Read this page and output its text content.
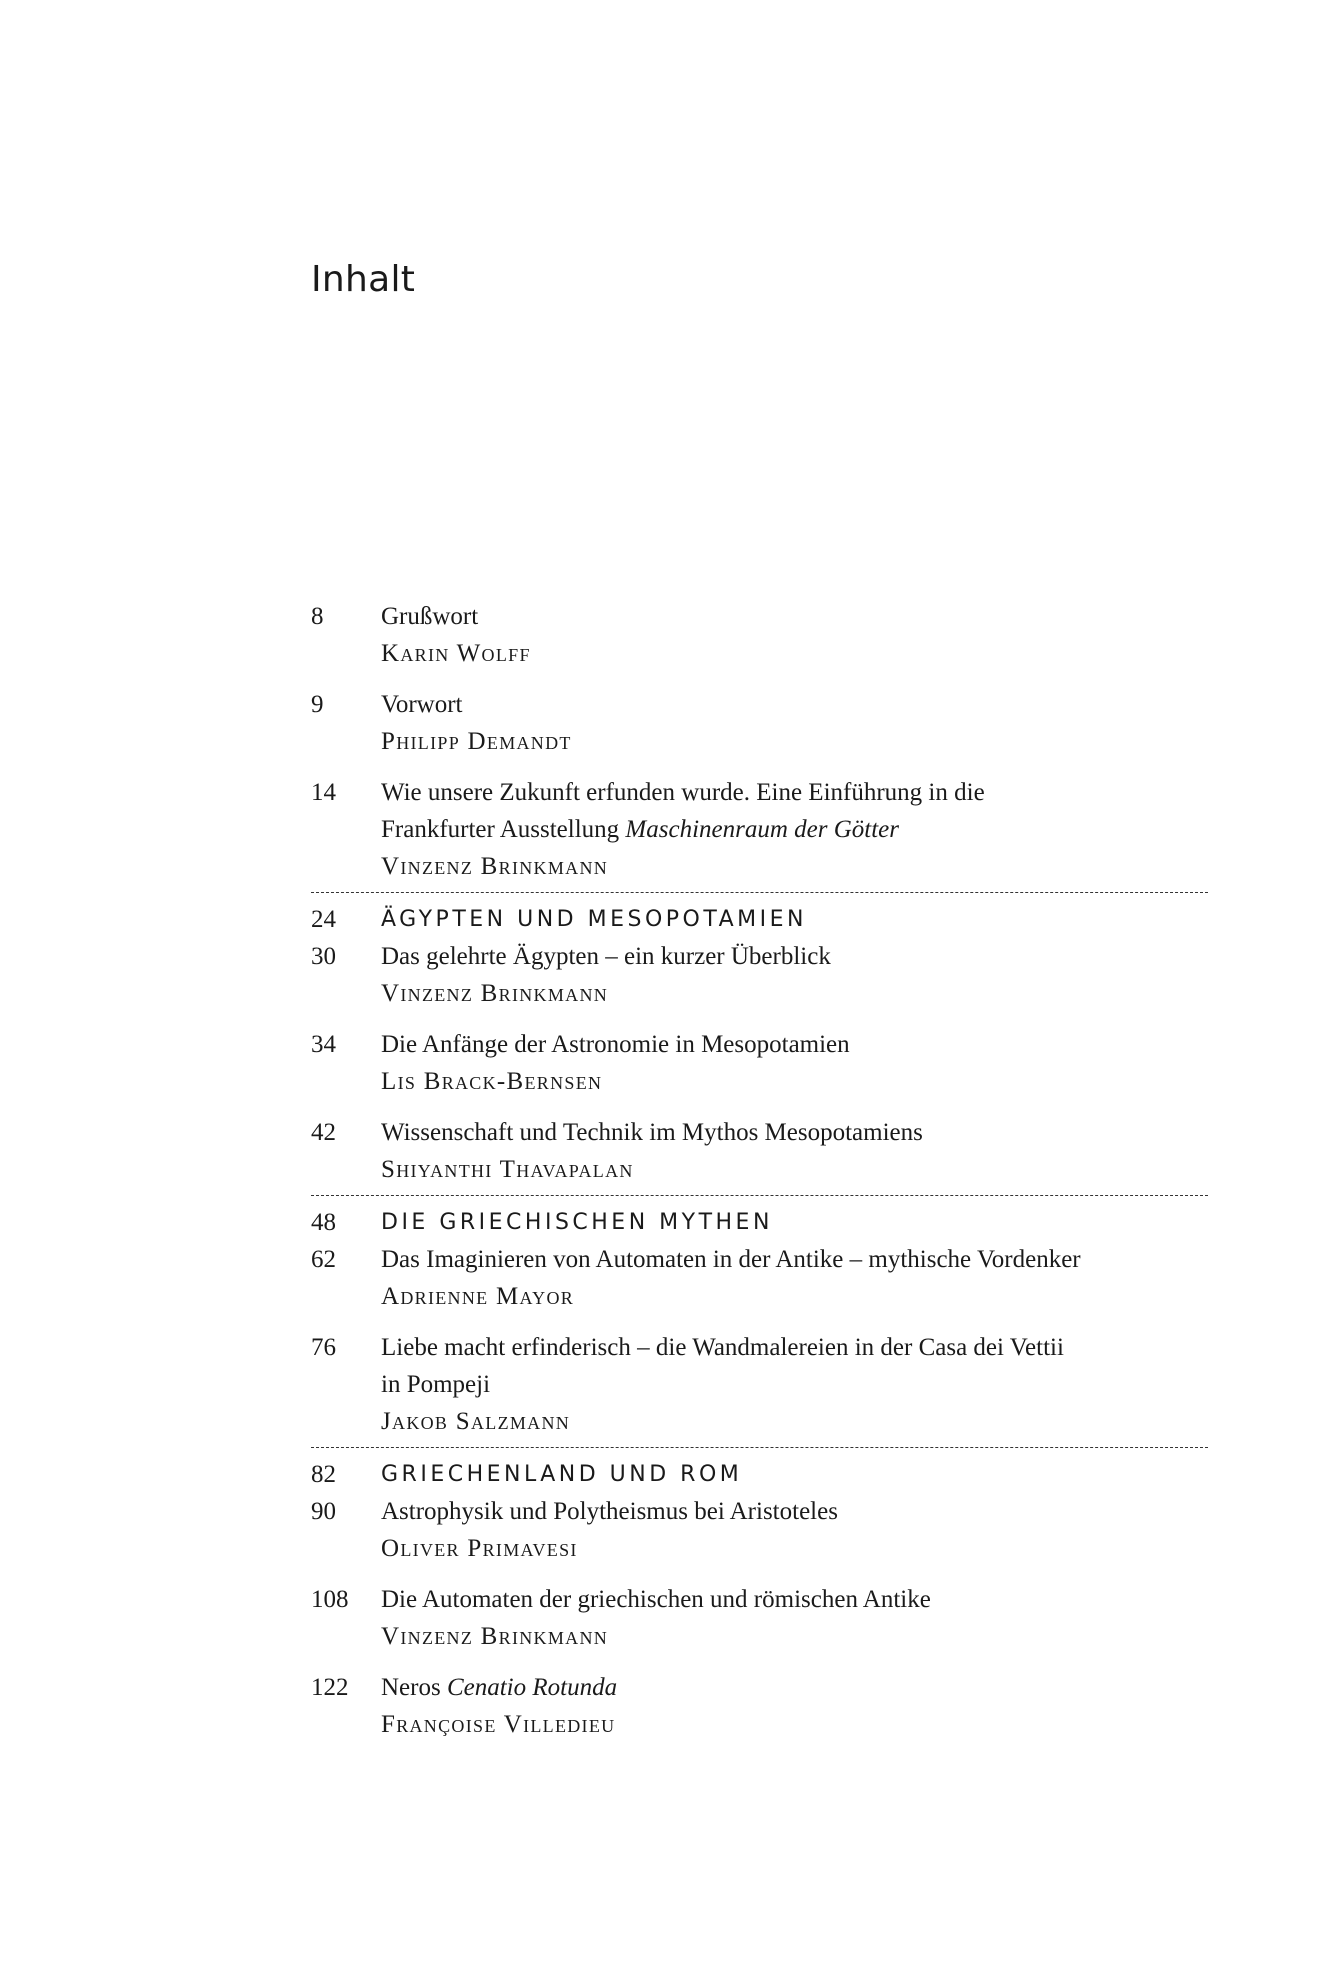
Inhalt
8	Grußwort
Karin Wolff
9	Vorwort
Philipp Demandt
14	Wie unsere Zukunft erfunden wurde. Eine Einführung in die
Frankfurter Ausstellung Maschinenraum der Götter
Vinzenz Brinkmann
24	ÄGYPTEN UND MESOPOTAMIEN
30	Das gelehrte Ägypten – ein kurzer Überblick
Vinzenz Brinkmann
34	Die Anfänge der Astronomie in Mesopotamien
Lis Brack-Bernsen
42	Wissenschaft und Technik im Mythos Mesopotamiens
Shiyanthi Thavapalan
48	DIE GRIECHISCHEN MYTHEN
62	Das Imaginieren von Automaten in der Antike – mythische Vordenker
Adrienne Mayor
76	Liebe macht erfinderisch – die Wandmalereien in der Casa dei Vettii
in Pompeji
Jakob Salzmann
82	GRIECHENLAND UND ROM
90	Astrophysik und Polytheismus bei Aristoteles
Oliver Primavesi
108	Die Automaten der griechischen und römischen Antike
Vinzenz Brinkmann
122	Neros Cenatio Rotunda
Françoise Villedieu
